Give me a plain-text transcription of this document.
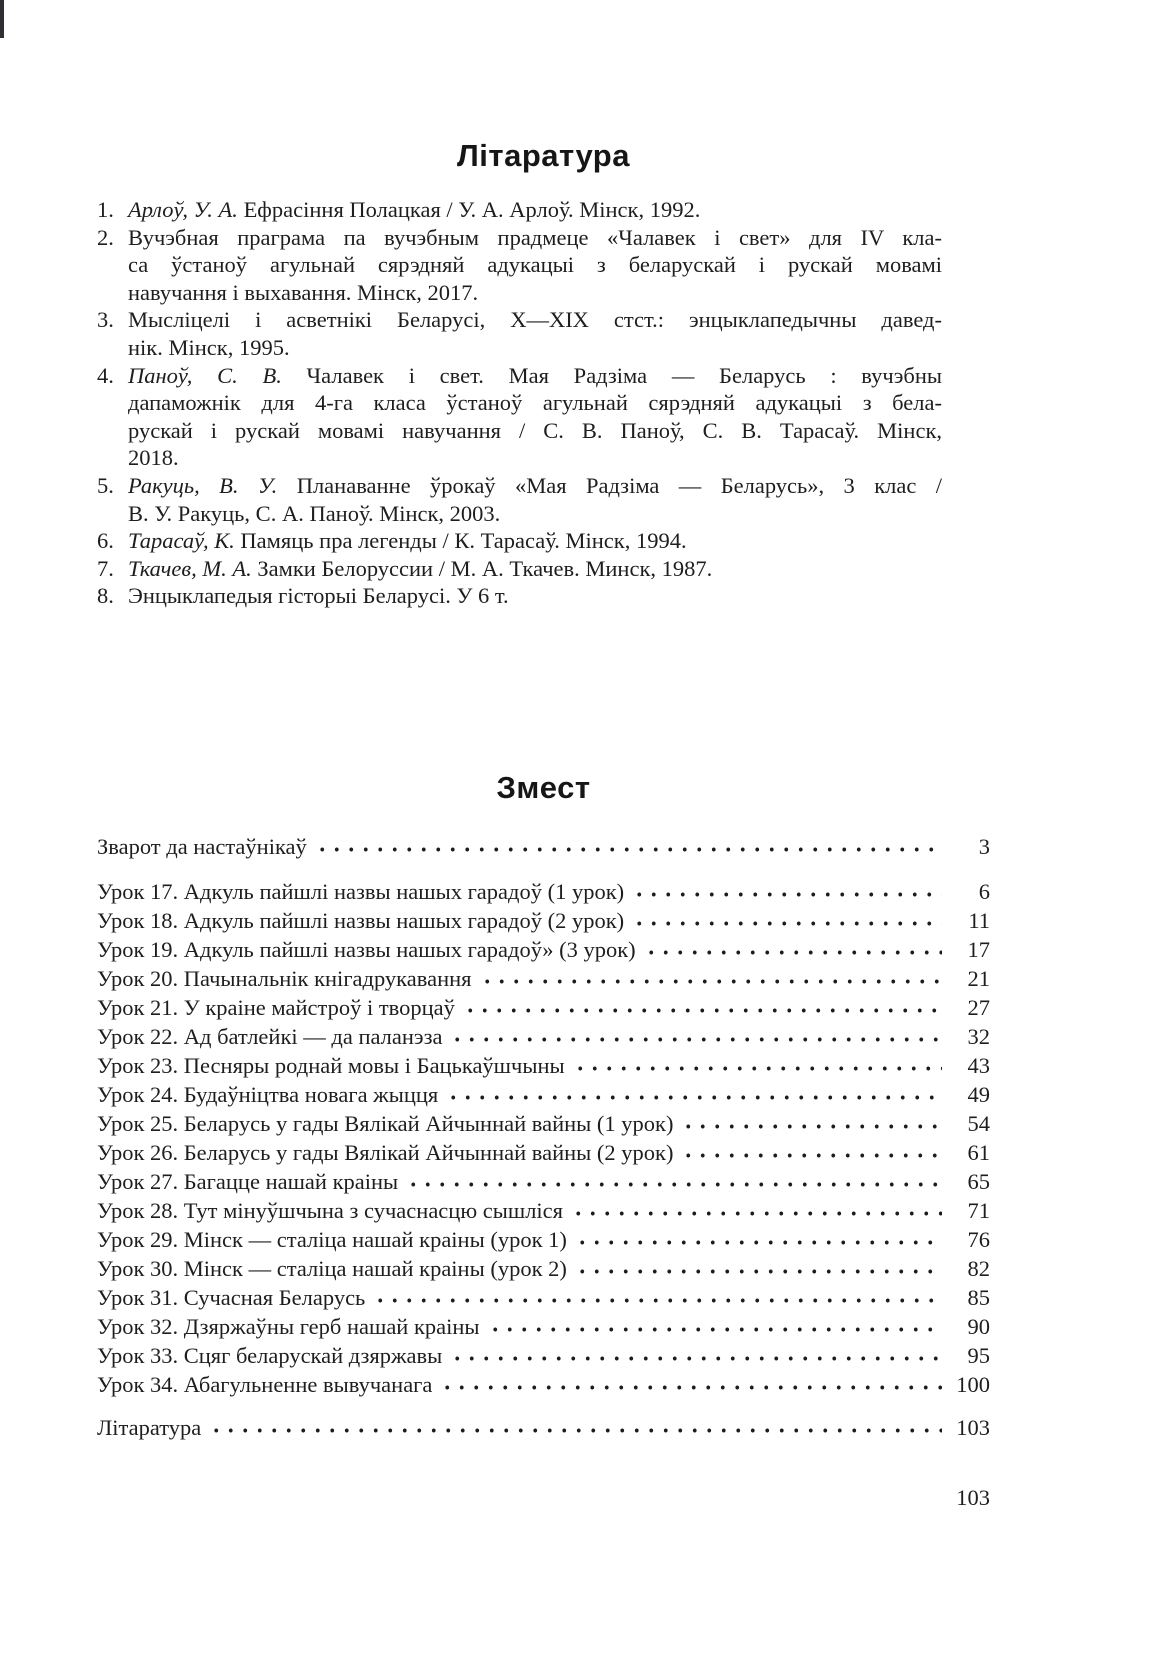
Літаратура
1. Арлоў, У. А. Ефрасіння Полацкая / У. А. Арлоў. Мінск, 1992.
2. Вучэбная праграма па вучэбным прадмеце «Чалавек і свет» для IV кла-
са ўстаноў агульнай сярэдняй адукацыі з беларускай і рускай мовамі
навучання і выхавання. Мінск, 2017.
3. Мысліцелі і асветнікі Беларусі, X—XIX стст.: энцыклапедычны давед-
нік. Мінск, 1995.
4. Паноў, С. В. Чалавек і свет. Мая Радзіма — Беларусь : вучэбны
дапаможнік для 4-га класа ўстаноў агульнай сярэдняй адукацыі з бела-
рускай і рускай мовамі навучання / С. В. Паноў, С. В. Тарасаў. Мінск,
2018.
5. Ракуць, В. У. Планаванне ўрокаў «Мая Радзіма — Беларусь», 3 клас /
В. У. Ракуць, С. А. Паноў. Мінск, 2003.
6. Тарасаў, К. Памяць пра легенды / К. Тарасаў. Мінск, 1994.
7. Ткачев, М. А. Замки Белоруссии / М. А. Ткачев. Минск, 1987.
8. Энцыклапедыя гісторыі Беларусі. У 6 т.
Змест
Зварот да настаўнікаў	3
Урок 17. Адкуль пайшлі назвы нашых гарадоў (1 урок)	6
Урок 18. Адкуль пайшлі назвы нашых гарадоў (2 урок)	11
Урок 19. Адкуль пайшлі назвы нашых гарадоў» (3 урок)	17
Урок 20. Пачынальнік кнігадрукавання	21
Урок 21. У краіне майстроў і творцаў	27
Урок 22. Ад батлейкі — да паланэза	32
Урок 23. Песняры роднай мовы і Бацькаўшчыны	43
Урок 24. Будаўніцтва новага жыцця	49
Урок 25. Беларусь у гады Вялікай Айчыннай вайны (1 урок)	54
Урок 26. Беларусь у гады Вялікай Айчыннай вайны (2 урок)	61
Урок 27. Багацце нашай краіны	65
Урок 28. Тут мінуўшчына з сучаснасцю сышліся	71
Урок 29. Мінск — сталіца нашай краіны (урок 1)	76
Урок 30. Мінск — сталіца нашай краіны (урок 2)	82
Урок 31. Сучасная Беларусь	85
Урок 32. Дзяржаўны герб нашай краіны	90
Урок 33. Сцяг беларускай дзяржавы	95
Урок 34. Абагульненне вывучанага	100
Літаратура	103
103
